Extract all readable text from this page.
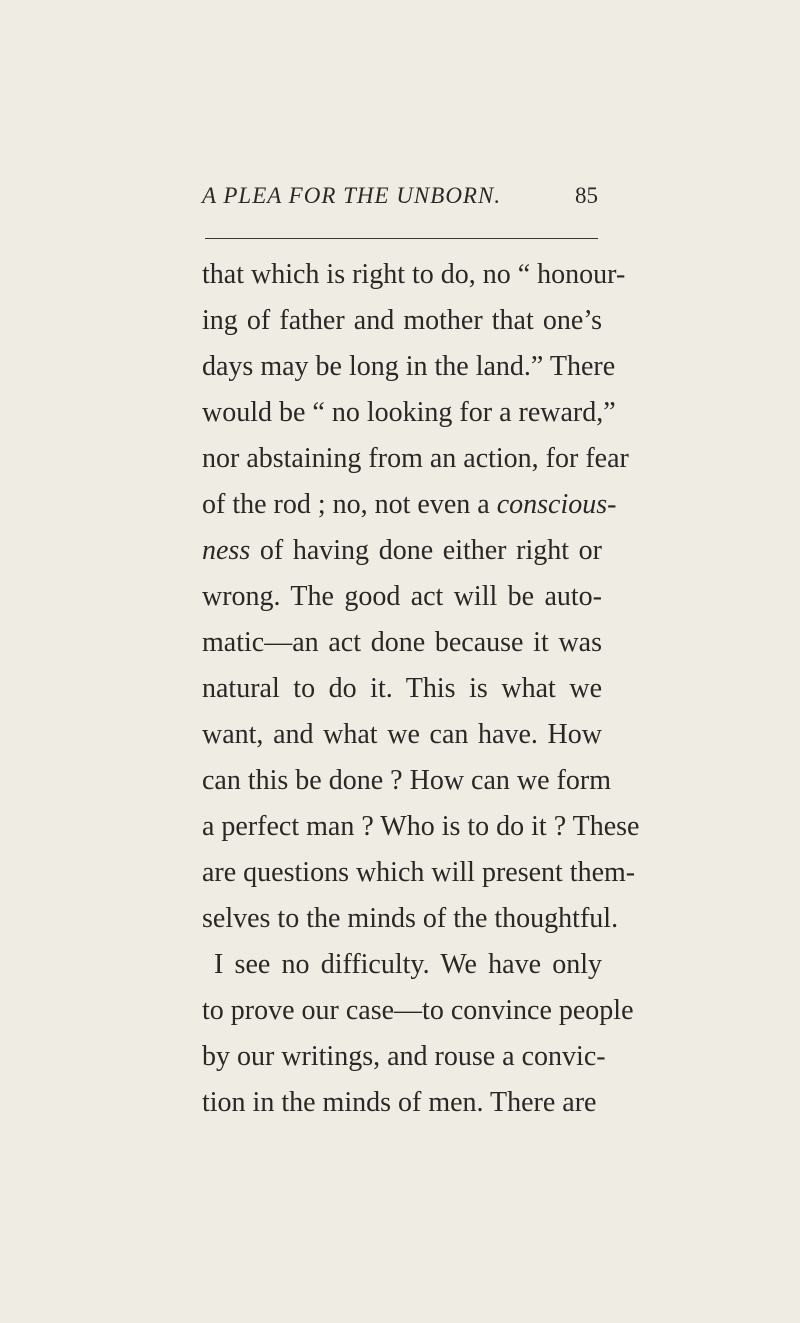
A PLEA FOR THE UNBORN.	85
that which is right to do, no “ honour-
ing of father and mother that one’s
days may be long in the land.” There
would be “ no looking for a reward,”
nor abstaining from an action, for fear
of the rod ; no, not even a conscious-
ness of having done either right or
wrong. The good act will be auto-
matic—an act done because it was
natural to do it. This is what we
want, and what we can have. How
can this be done ? How can we form
a perfect man ? Who is to do it ? These
are questions which will present them-
selves to the minds of the thoughtful.
I see no difficulty. We have only
to prove our case—to convince people
by our writings, and rouse a convic-
tion in the minds of men. There are
